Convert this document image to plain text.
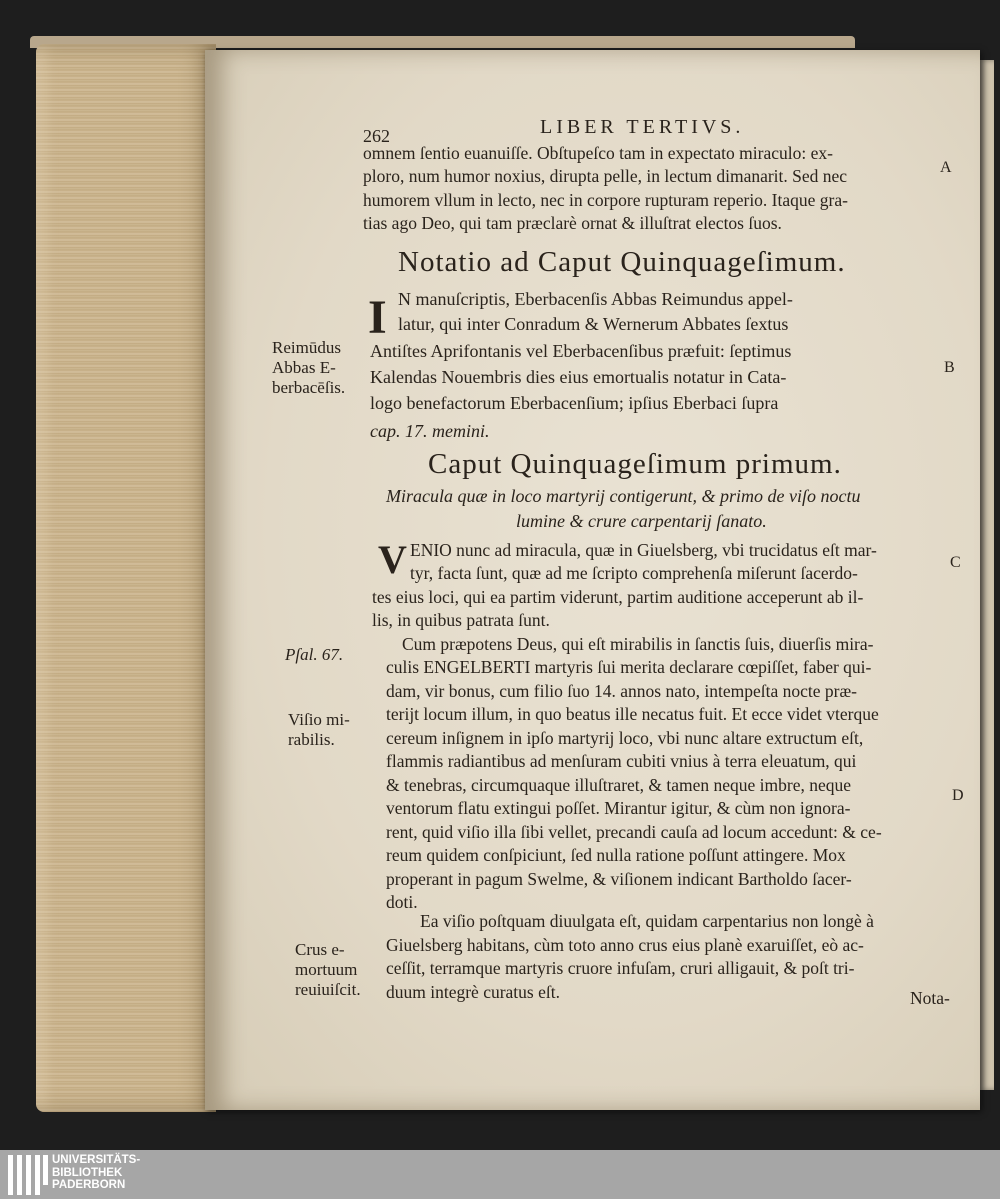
262	LIBER TERTIVS.
omnem ſentio euanuiſſe. Obſtupeſco tam in expectato miraculo: ex-
ploro, num humor noxius, dirupta pelle, in lectum dimanarit. Sed nec
humorem vllum in lecto, nec in corpore rupturam reperio. Itaque gra-
tias ago Deo, qui tam præclarè ornat & illuſtrat electos ſuos.
Notatio ad Caput Quinquageſimum.
I N manuſcriptis, Eberbacenſis Abbas Reimundus appel-
latur, qui inter Conradum & Wernerum Abbates ſextus
Antiſtes Aprifontanis vel Eberbacenſibus præfuit: ſeptimus
Kalendas Nouembris dies eius emortualis notatur in Cata-
logo benefactorum Eberbacenſium; ipſius Eberbaci ſupra
cap. 17. memini.
Caput Quinquageſimum primum.
Miracula quæ in loco martyrij contigerunt, & primo de viſo noctu
lumine & crure carpentarij ſanato.
V ENIO nunc ad miracula, quæ in Giuelsberg, vbi trucidatus eſt mar-
tyr, facta ſunt, quæ ad me ſcripto comprehenſa miſerunt ſacerdo-
tes eius loci, qui ea partim viderunt, partim auditione acceperunt ab il-
lis, in quibus patrata ſunt.
Cum præpotens Deus, qui eſt mirabilis in ſanctis ſuis, diuerſis mira-
culis ENGELBERTI martyris ſui merita declarare cœpiſſet, faber qui-
dam, vir bonus, cum filio ſuo 14. annos nato, intempeſta nocte præ-
terijt locum illum, in quo beatus ille necatus fuit. Et ecce videt vterque
cereum inſignem in ipſo martyrij loco, vbi nunc altare extructum eſt,
flammis radiantibus ad menſuram cubiti vnius à terra eleuatum, qui
& tenebras, circumquaque illuſtraret, & tamen neque imbre, neque
ventorum flatu extingui poſſet. Mirantur igitur, & cùm non ignora-
rent, quid viſio illa ſibi vellet, precandi cauſa ad locum accedunt: & ce-
reum quidem conſpiciunt, ſed nulla ratione poſſunt attingere. Mox
properant in pagum Swelme, & viſionem indicant Bartholdo ſacer-
doti.
Ea viſio poſtquam diuulgata eſt, quidam carpentarius non longè à
Giuelsberg habitans, cùm toto anno crus eius planè exaruiſſet, eò ac-
ceſſit, terramque martyris cruore infuſam, cruri alligauit, & poſt tri-
duum integrè curatus eſt.	Nota-
Reimūdus
Abbas E-
berbacēſis.
Pſal. 67.
Viſio mi-
rabilis.
Crus e-
mortuum
reuiuiſcit.
A
B
C
D
UNIVERSITÄTS-
BIBLIOTHEK
PADERBORN
